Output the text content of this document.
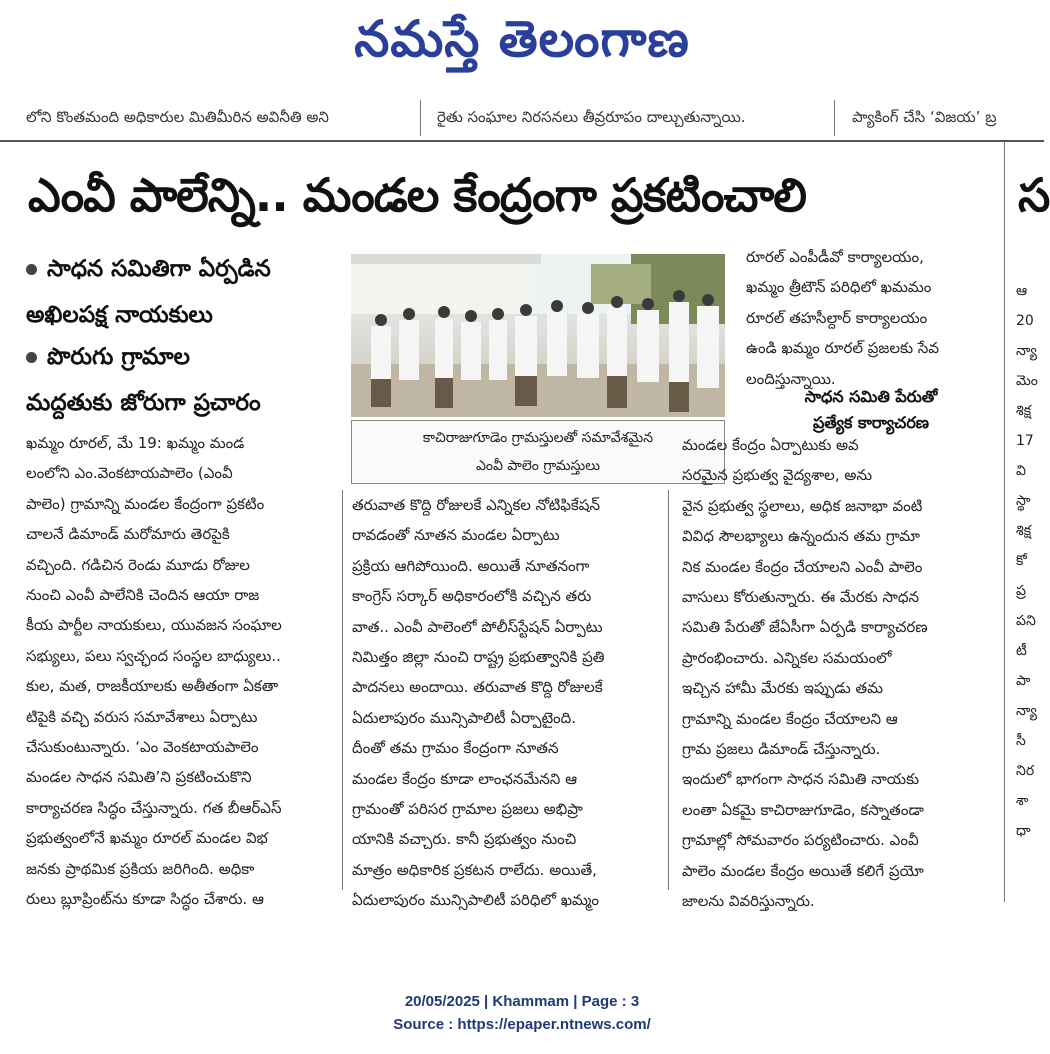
నమస్తే తెలంగాణ
లోని కొంతమంది అధికారుల మితిమీరిన అవినీతి అని	రైతు సంఘాల నిరసనలు తీవ్రరూపం దాల్చుతున్నాయి.	ప్యాకింగ్ చేసి ‘విజయ’ బ్ర
ఎంవీ పాలేన్ని.. మండల కేంద్రంగా ప్రకటించాలి	స
సాధన సమితిగా ఏర్పడిన
అఖిలపక్ష నాయకులు
పొరుగు గ్రామాల
మద్దతుకు జోరుగా ప్రచారం
కాచిరాజుగూడెం గ్రామస్తులతో సమావేశమైన
ఎంవీ పాలెం గ్రామస్తులు
ఖమ్మం రూరల్, మే 19: ఖమ్మం మండ
లంలోని ఎం.వెంకటాయపాలెం (ఎంవీ
పాలెం) గ్రామాన్ని మండల కేంద్రంగా ప్రకటిం
చాలనే డిమాండ్ మరోమారు తెరపైకి
వచ్చింది. గడిచిన రెండు మూడు రోజుల
నుంచి ఎంవీ పాలేనికి చెందిన ఆయా రాజ
కీయ పార్టీల నాయకులు, యువజన సంఘాల
సభ్యులు, పలు స్వచ్ఛంద సంస్థల బాధ్యులు..
కుల, మత, రాజకీయాలకు అతీతంగా ఏకతా
టిపైకి వచ్చి వరుస సమావేశాలు ఏర్పాటు
చేసుకుంటున్నారు. ‘ఎం వెంకటాయపాలెం
మండల సాధన సమితి’ని ప్రకటించుకొని
కార్యాచరణ సిద్ధం చేస్తున్నారు. గత బీఆర్ఎస్
ప్రభుత్వంలోనే ఖమ్మం రూరల్ మండల విభ
జనకు ప్రాథమిక ప్రకియ జరిగింది. అధికా
రులు బ్లూప్రింట్‌ను కూడా సిద్ధం చేశారు. ఆ
తరువాత కొద్ది రోజులకే ఎన్నికల నోటిఫికేషన్
రావడంతో నూతన మండల ఏర్పాటు
ప్రక్రియ ఆగిపోయింది. అయితే నూతనంగా
కాంగ్రెస్ సర్కార్ అధికారంలోకి వచ్చిన తరు
వాత.. ఎంవీ పాలెంలో పోలీస్‌స్టేషన్ ఏర్పాటు
నిమిత్తం జిల్లా నుంచి రాష్ట్ర ప్రభుత్వానికి ప్రతి
పాదనలు అందాయి. తరువాత కొద్ది రోజులకే
ఏదులాపురం మున్సిపాలిటీ ఏర్పాటైంది.
దీంతో తమ గ్రామం కేంద్రంగా నూతన
మండల కేంద్రం కూడా లాంఛనమేనని ఆ
గ్రామంతో పరిసర గ్రామాల ప్రజలు అభిప్రా
యానికి వచ్చారు. కానీ ప్రభుత్వం నుంచి
మాత్రం అధికారిక ప్రకటన రాలేదు. అయితే,
ఏదులాపురం మున్సిపాలిటీ పరిధిలో ఖమ్మం
రూరల్ ఎంపీడీవో కార్యాలయం,
ఖమ్మం త్రీటౌన్ పరిధిలో ఖమమం
రూరల్ తహసీల్దార్ కార్యాలయం
ఉండి ఖమ్మం రూరల్ ప్రజలకు సేవ
లందిస్తున్నాయి.
సాధన సమితి పేరుతో
ప్రత్యేక కార్యాచరణ
మండల కేంద్రం ఏర్పాటుకు అవ
సరమైన ప్రభుత్వ వైద్యశాల, అను
వైన ప్రభుత్వ స్థలాలు, అధిక జనాభా వంటి
వివిధ సౌలభ్యాలు ఉన్నందున తమ గ్రామా
నిక మండల కేంద్రం చేయాలని ఎంవీ పాలెం
వాసులు కోరుతున్నారు. ఈ మేరకు సాధన
సమితి పేరుతో జేఏసీగా ఏర్పడి కార్యాచరణ
ప్రారంభించారు. ఎన్నికల సమయంలో
ఇచ్చిన హామీ మేరకు ఇప్పుడు తమ
గ్రామాన్ని మండల కేంద్రం చేయాలని ఆ
గ్రామ ప్రజలు డిమాండ్ చేస్తున్నారు.
ఇందులో భాగంగా సాధన సమితి నాయకు
లంతా ఏకమై కాచిరాజుగూడెం, కస్నాతండా
గ్రామాల్లో సోమవారం పర్యటించారు. ఎంవీ
పాలెం మండల కేంద్రం అయితే కలిగే ప్రయో
జాలను వివరిస్తున్నారు.
ఆ
20
న్యా
మెం
శిక్ష
17
వి
స్థా
శిక్ష
కో
ప్ర
పని
టీ
పా
న్యా
సీ
నిర
శా
ధా
20/05/2025 | Khammam | Page : 3
Source : https://epaper.ntnews.com/
